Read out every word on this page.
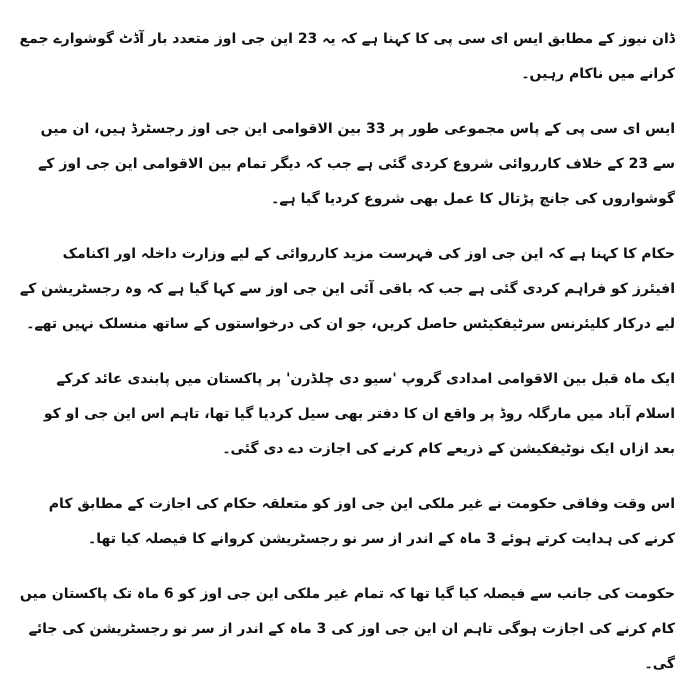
ڈان نیوز کے مطابق ایس ای سی پی کا کہنا ہے کہ یہ 23 این جی اوز متعدد بار آڈٹ گوشوارے جمع کرانے میں ناکام رہیں۔

ایس ای سی پی کے پاس مجموعی طور پر 33 بین الاقوامی این جی اوز رجسٹرڈ ہیں، ان میں سے 23 کے خلاف کارروائی شروع کردی گئی ہے جب کہ دیگر تمام بین الاقوامی این جی اوز کے گوشواروں کی جانچ پڑتال کا عمل بھی شروع کردیا گیا ہے۔

حکام کا کہنا ہے کہ این جی اوز کی فہرست مزید کارروائی کے لیے وزارت داخلہ اور اکنامک افیئرز کو فراہم کردی گئی ہے جب کہ باقی آئی این جی اوز سے کہا گیا ہے کہ وہ رجسٹریشن کے لیے درکار کلیئرنس سرٹیفکیٹس حاصل کریں، جو ان کی درخواستوں کے ساتھ منسلک نہیں تھے۔

ایک ماہ قبل بین الاقوامی امدادی گروپ 'سیو دی چلڈرن' پر پاکستان میں پابندی عائد کرکے اسلام آباد میں مارگلہ روڈ پر واقع ان کا دفتر بھی سیل کردیا گیا تھا، تاہم اس این جی او کو بعد ازاں ایک نوٹیفکیشن کے ذریعے کام کرنے کی اجازت دے دی گئی۔

اس وقت وفاقی حکومت نے غیر ملکی این جی اوز کو متعلقہ حکام کی اجازت کے مطابق کام کرنے کی ہدایت کرتے ہوئے 3 ماہ کے اندر از سر نو رجسٹریشن کروانے کا فیصلہ کیا تھا۔

حکومت کی جانب سے فیصلہ کیا گیا تھا کہ تمام غیر ملکی این جی اوز کو 6 ماہ تک پاکستان میں کام کرنے کی اجازت ہوگی تاہم ان این جی اوز کی 3 ماہ کے اندر از سر نو رجسٹریشن کی جائے گی۔
